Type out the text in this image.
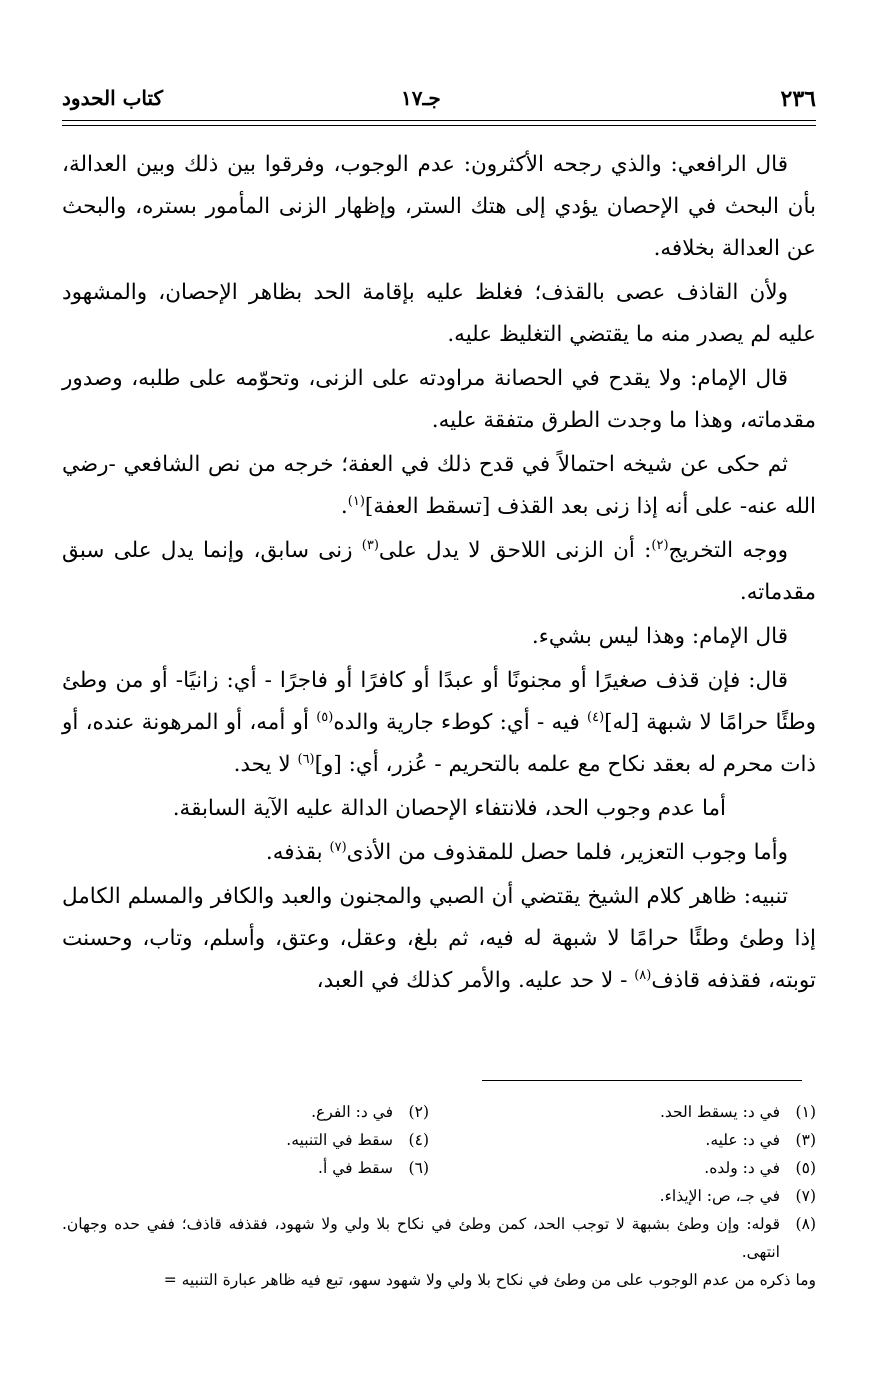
٢٣٦
جـ١٧
كتاب الحدود

قال الرافعي: والذي رجحه الأكثرون: عدم الوجوب، وفرقوا بين ذلك وبين العدالة، بأن البحث في الإحصان يؤدي إلى هتك الستر، وإظهار الزنى المأمور بستره، والبحث عن العدالة بخلافه.

ولأن القاذف عصى بالقذف؛ فغلظ عليه بإقامة الحد بظاهر الإحصان، والمشهود عليه لم يصدر منه ما يقتضي التغليظ عليه.

قال الإمام: ولا يقدح في الحصانة مراودته على الزنى، وتحوّمه على طلبه، وصدور مقدماته، وهذا ما وجدت الطرق متفقة عليه.

ثم حكى عن شيخه احتمالاً في قدح ذلك في العفة؛ خرجه من نص الشافعي -رضي الله عنه- على أنه إذا زنى بعد القذف [تسقط العفة]$^{(١)}$.

ووجه التخريج$^{(٢)}$: أن الزنى اللاحق لا يدل على$^{(٣)}$ زنى سابق، وإنما يدل على سبق مقدماته.

قال الإمام: وهذا ليس بشيء.

قال: فإن قذف صغيرًا أو مجنونًا أو عبدًا أو كافرًا أو فاجرًا - أي: زانيًا- أو من وطئ وطئًا حرامًا لا شبهة [له]$^{(٤)}$ فيه - أي: كوطء جارية والده$^{(٥)}$ أو أمه، أو المرهونة عنده، أو ذات محرم له بعقد نكاح مع علمه بالتحريم - عُزر، أي: [و]$^{(٦)}$ لا يحد.

أما عدم وجوب الحد، فلانتفاء الإحصان الدالة عليه الآية السابقة.

وأما وجوب التعزير، فلما حصل للمقذوف من الأذى$^{(٧)}$ بقذفه.

تنبيه: ظاهر كلام الشيخ يقتضي أن الصبي والمجنون والعبد والكافر والمسلم الكامل إذا وطئ وطئًا حرامًا لا شبهة له فيه، ثم بلغ، وعقل، وعتق، وأسلم، وتاب، وحسنت توبته، فقذفه قاذف$^{(٨)}$ - لا حد عليه. والأمر كذلك في العبد،

(١)
في د: يسقط الحد.
(٢)
في د: الفرع.
(٣)
في د: عليه.
(٤)
سقط في التنبيه.
(٥)
في د: ولده.
(٦)
سقط في أ.
(٧)
في جـ، ص: الإيذاء.
(٨)
قوله: وإن وطئ بشبهة لا توجب الحد، كمن وطئ في نكاح بلا ولي ولا شهود، فقذفه قاذف؛ ففي حده وجهان. انتهى.
وما ذكره من عدم الوجوب على من وطئ في نكاح بلا ولي ولا شهود سهو، تبع فيه ظاهر عبارة التنبيه =
